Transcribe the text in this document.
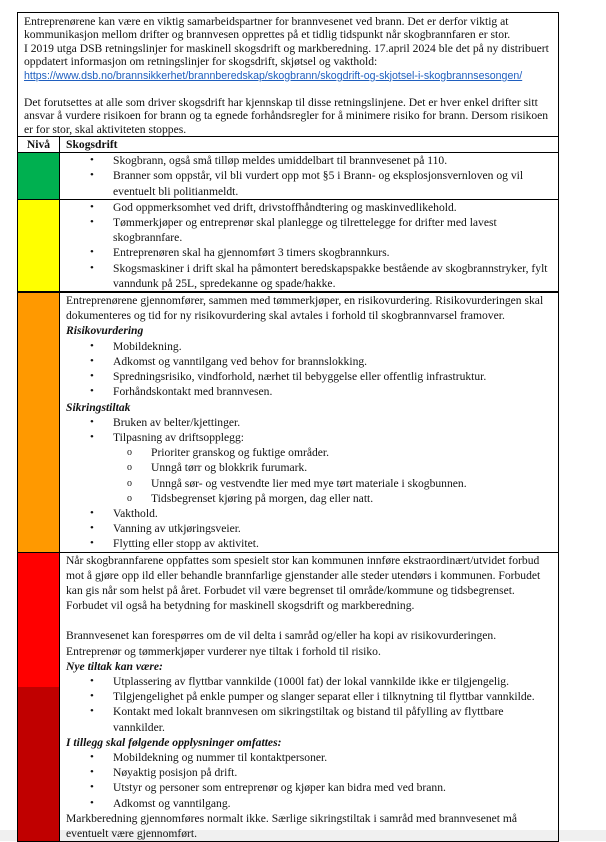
Entreprenørene kan være en viktig samarbeidspartner for brannvesenet ved brann. Det er derfor viktig at kommunikasjon mellom drifter og brannvesen opprettes på et tidlig tidspunkt når skogbrannfaren er stor.

I 2019 utga DSB retningslinjer for maskinell skogsdrift og markberedning. 17.april 2024 ble det på ny distribuert oppdatert informasjon om retningslinjer for skogsdrift, skjøtsel og vakthold:

https://www.dsb.no/brannsikkerhet/brannberedskap/skogbrann/skogdrift-og-skjotsel-i-skogbrannsesongen/

Det forutsettes at alle som driver skogsdrift har kjennskap til disse retningslinjene. Det er hver enkel drifter sitt ansvar å vurdere risikoen for brann og ta egnede forhåndsregler for å minimere risiko for brann. Dersom risikoen er for stor, skal aktiviteten stoppes.

Nivå	Skogsdrift
• Skogbrann, også små tilløp meldes umiddelbart til brannvesenet på 110.
• Branner som oppstår, vil bli vurdert opp mot §5 i Brann- og eksplosjonsvernloven og vil eventuelt bli politianmeldt.
• God oppmerksomhet ved drift, drivstoffhåndtering og maskinvedlikehold.
• Tømmerkjøper og entreprenør skal planlegge og tilrettelegge for drifter med lavest skogbrannfare.
• Entreprenøren skal ha gjennomført 3 timers skogbrannkurs.
• Skogsmaskiner i drift skal ha påmontert beredskapspakke bestående av skogbrannstryker, fylt vanndunk på 25L, spredekanne og spade/hakke.

Entreprenørene gjennomfører, sammen med tømmerkjøper, en risikovurdering. Risikovurderingen skal dokumenteres og tid for ny risikovurdering skal avtales i forhold til skogbrannvarsel framover.

Risikovurdering
• Mobildekning.
• Adkomst og vanntilgang ved behov for brannslokking.
• Spredningsrisiko, vindforhold, nærhet til bebyggelse eller offentlig infrastruktur.
• Forhåndskontakt med brannvesen.
Sikringstiltak
• Bruken av belter/kjettinger.
• Tilpasning av driftsopplegg:
o Prioriter granskog og fuktige områder.
o Unngå tørr og blokkrik furumark.
o Unngå sør- og vestvendte lier med mye tørt materiale i skogbunnen.
o Tidsbegrenset kjøring på morgen, dag eller natt.
• Vakthold.
• Vanning av utkjøringsveier.
• Flytting eller stopp av aktivitet.

Når skogbrannfarene oppfattes som spesielt stor kan kommunen innføre ekstraordinært/utvidet forbud mot å gjøre opp ild eller behandle brannfarlige gjenstander alle steder utendørs i kommunen. Forbudet kan gis når som helst på året. Forbudet vil være begrenset til område/kommune og tidsbegrenset.

Forbudet vil også ha betydning for maskinell skogsdrift og markberedning.

Brannvesenet kan forespørres om de vil delta i samråd og/eller ha kopi av risikovurderingen.

Entreprenør og tømmerkjøper vurderer nye tiltak i forhold til risiko.

Nye tiltak kan være:
• Utplassering av flyttbar vannkilde (1000l fat) der lokal vannkilde ikke er tilgjengelig.
• Tilgjengelighet på enkle pumper og slanger separat eller i tilknytning til flyttbar vannkilde.
• Kontakt med lokalt brannvesen om sikringstiltak og bistand til påfylling av flyttbare vannkilder.
I tillegg skal følgende opplysninger omfattes:
• Mobildekning og nummer til kontaktpersoner.
• Nøyaktig posisjon på drift.
• Utstyr og personer som entreprenør og kjøper kan bidra med ved brann.
• Adkomst og vanntilgang.

Markberedning gjennomføres normalt ikke. Særlige sikringstiltak i samråd med brannvesenet må eventuelt være gjennomført.
